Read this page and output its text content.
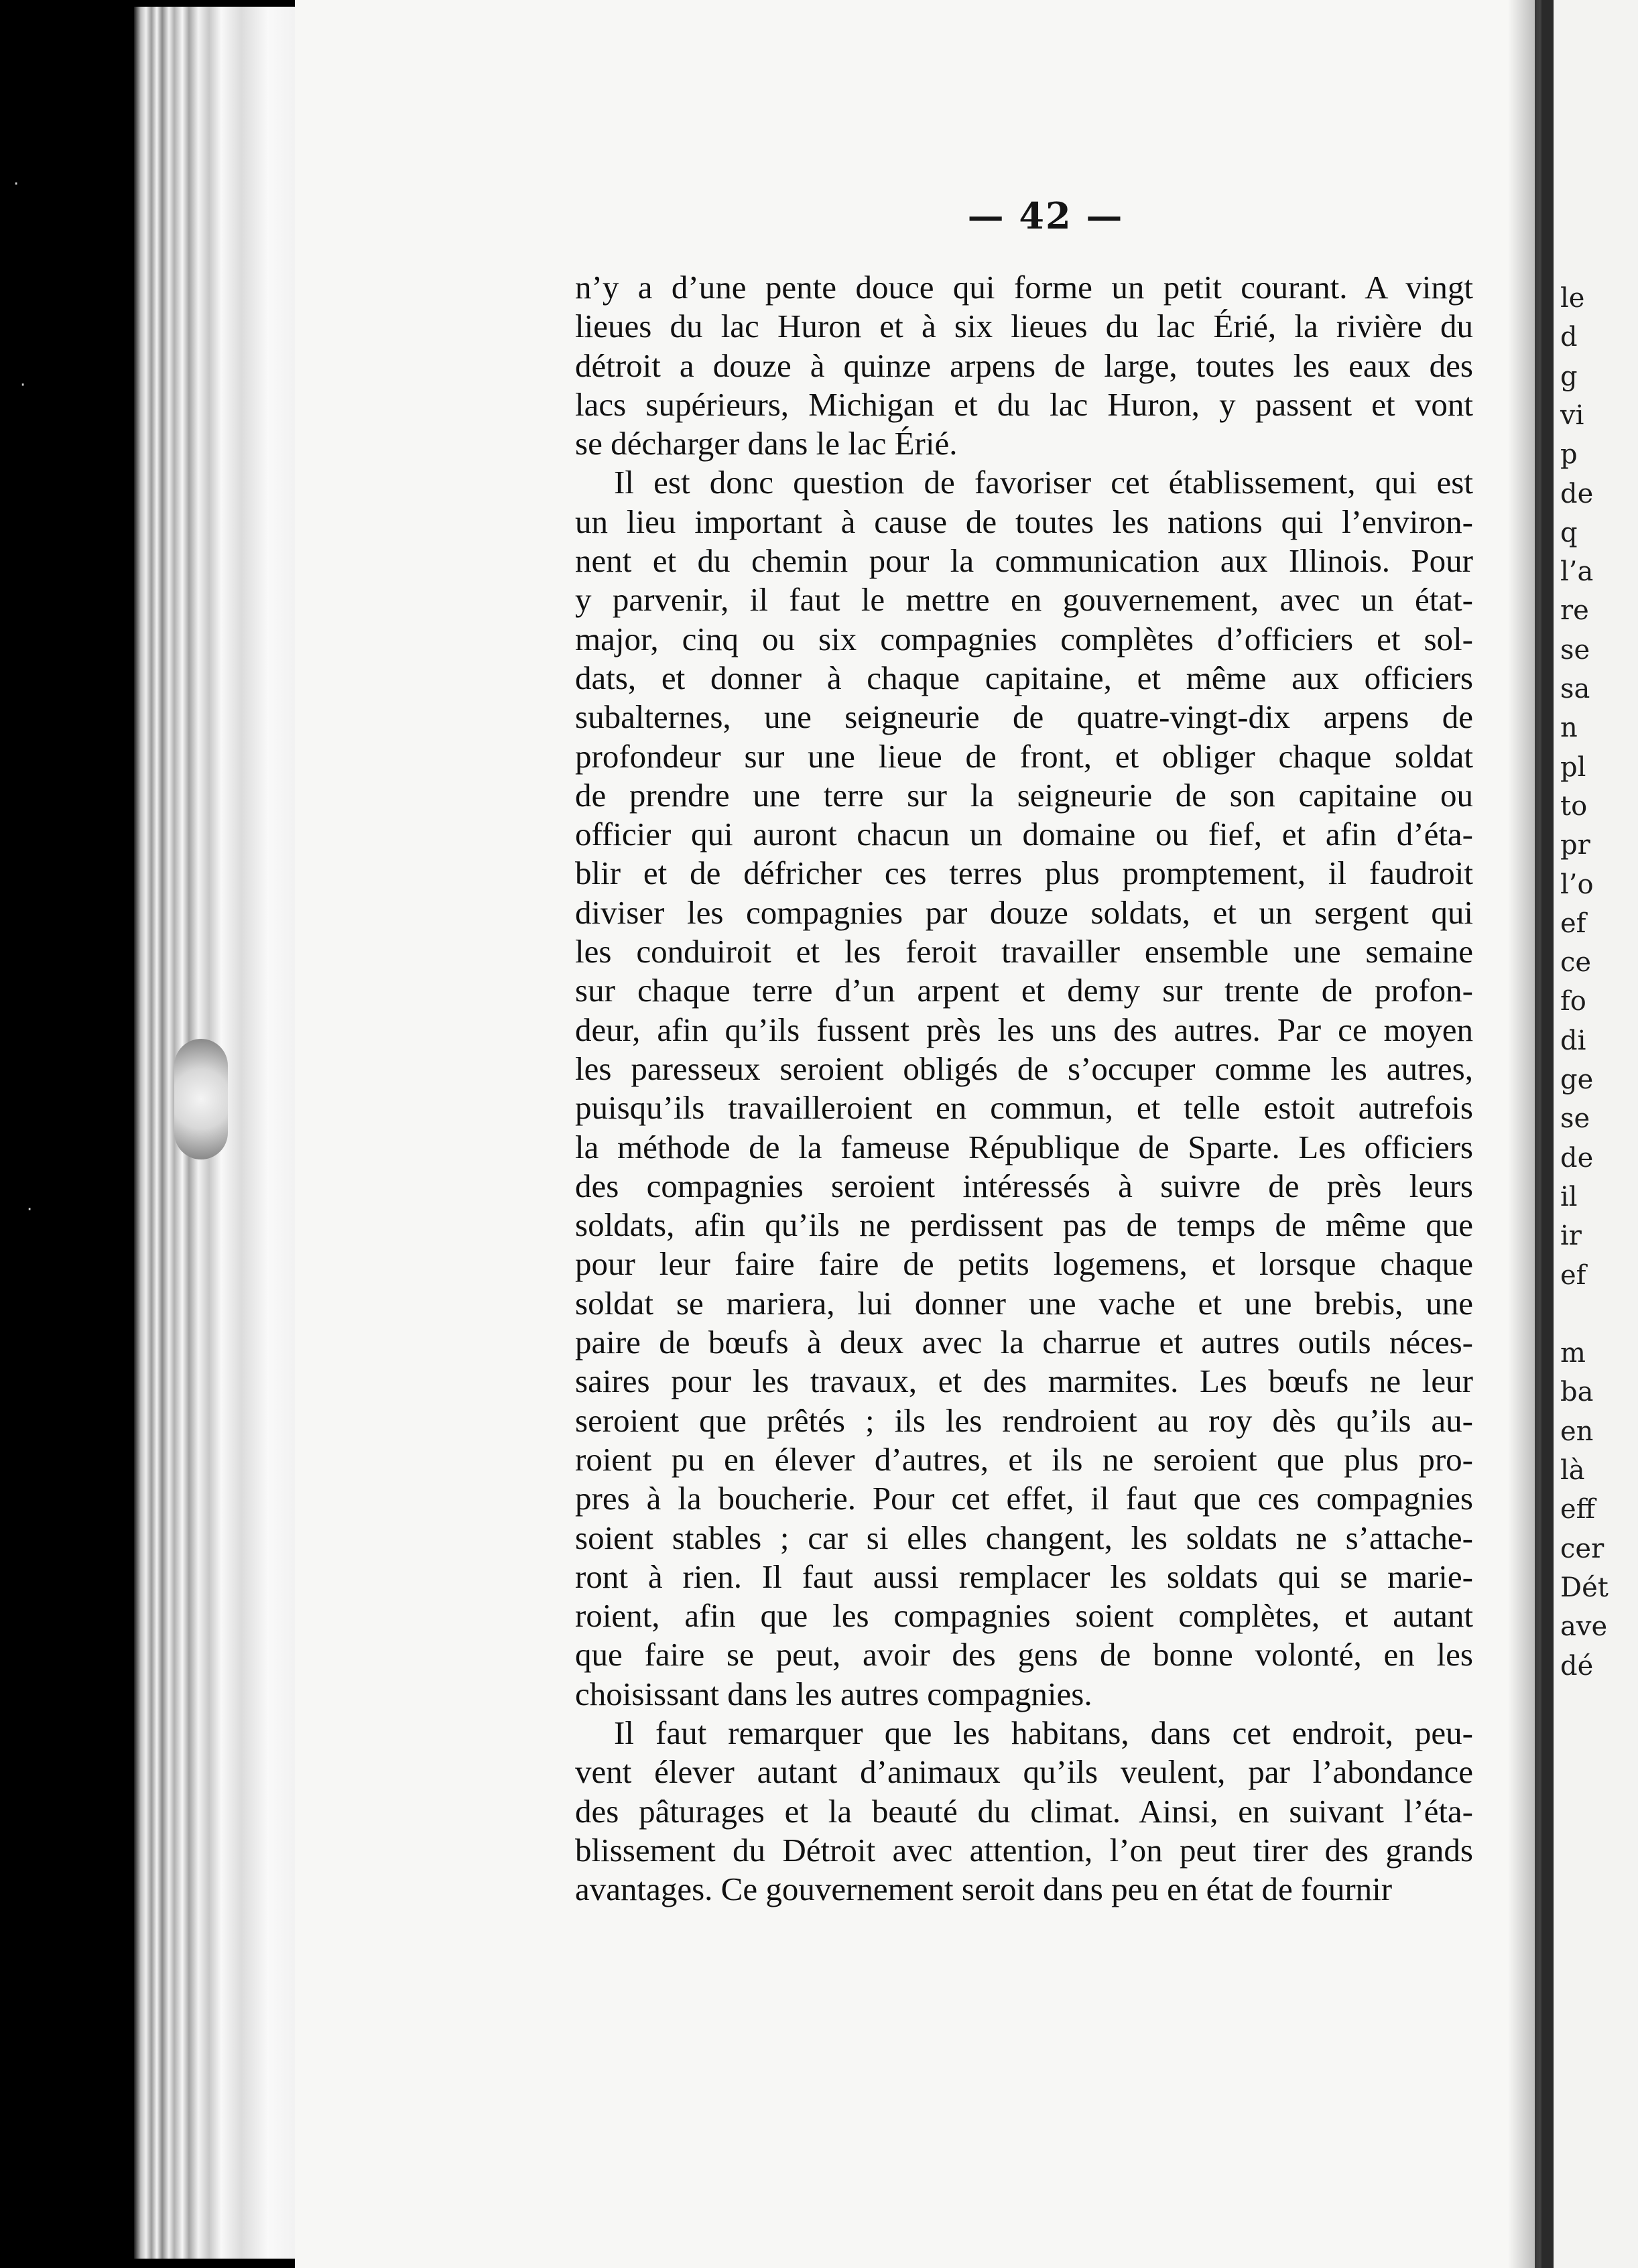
le
d
g
vi
p
de
q
l’a
re
se
sa
n
pl
to
pr
l’o
ef
ce
fo
di
ge
se
de
il
ir
ef
m
ba
en
là
eff
cer
Dét
ave
dé
— 42 —
n’y a d’une pente douce qui forme un petit courant. A vingt
lieues du lac Huron et à six lieues du lac Érié, la rivière du
détroit a douze à quinze arpens de large, toutes les eaux des
lacs supérieurs, Michigan et du lac Huron, y passent et vont
se décharger dans le lac Érié.
Il est donc question de favoriser cet établissement, qui est
un lieu important à cause de toutes les nations qui l’environ-
nent et du chemin pour la communication aux Illinois. Pour
y parvenir, il faut le mettre en gouvernement, avec un état-
major, cinq ou six compagnies complètes d’officiers et sol-
dats, et donner à chaque capitaine, et même aux officiers
subalternes, une seigneurie de quatre-vingt-dix arpens de
profondeur sur une lieue de front, et obliger chaque soldat
de prendre une terre sur la seigneurie de son capitaine ou
officier qui auront chacun un domaine ou fief, et afin d’éta-
blir et de défricher ces terres plus promptement, il faudroit
diviser les compagnies par douze soldats, et un sergent qui
les conduiroit et les feroit travailler ensemble une semaine
sur chaque terre d’un arpent et demy sur trente de profon-
deur, afin qu’ils fussent près les uns des autres. Par ce moyen
les paresseux seroient obligés de s’occuper comme les autres,
puisqu’ils travailleroient en commun, et telle estoit autrefois
la méthode de la fameuse République de Sparte. Les officiers
des compagnies seroient intéressés à suivre de près leurs
soldats, afin qu’ils ne perdissent pas de temps de même que
pour leur faire faire de petits logemens, et lorsque chaque
soldat se mariera, lui donner une vache et une brebis, une
paire de bœufs à deux avec la charrue et autres outils néces-
saires pour les travaux, et des marmites. Les bœufs ne leur
seroient que prêtés ; ils les rendroient au roy dès qu’ils au-
roient pu en élever d’autres, et ils ne seroient que plus pro-
pres à la boucherie. Pour cet effet, il faut que ces compagnies
soient stables ; car si elles changent, les soldats ne s’attache-
ront à rien. Il faut aussi remplacer les soldats qui se marie-
roient, afin que les compagnies soient complètes, et autant
que faire se peut, avoir des gens de bonne volonté, en les
choisissant dans les autres compagnies.
Il faut remarquer que les habitans, dans cet endroit, peu-
vent élever autant d’animaux qu’ils veulent, par l’abondance
des pâturages et la beauté du climat. Ainsi, en suivant l’éta-
blissement du Détroit avec attention, l’on peut tirer des grands
avantages. Ce gouvernement seroit dans peu en état de fournir
·
·
·
